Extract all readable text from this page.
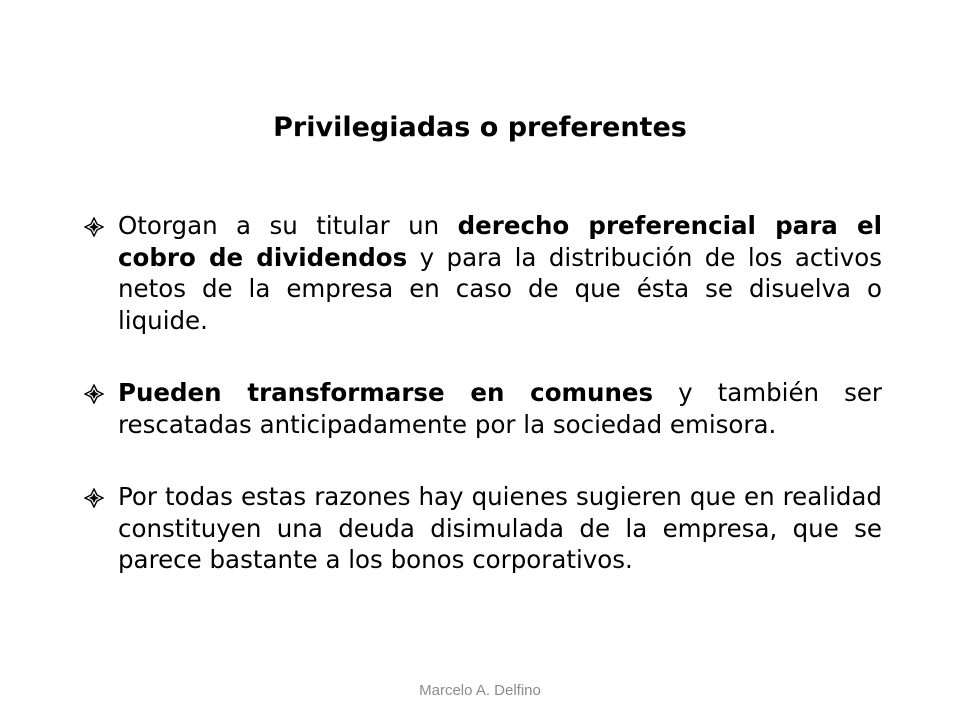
Privilegiadas o preferentes
Otorgan a su titular un derecho preferencial para el cobro de dividendos y para la distribución de los activos netos de la empresa en caso de que ésta se disuelva o liquide.
Pueden transformarse en comunes y también ser rescatadas anticipadamente por la sociedad emisora.
Por todas estas razones hay quienes sugieren que en realidad constituyen una deuda disimulada de la empresa, que se parece bastante a los bonos corporativos.
Marcelo A. Delfino
